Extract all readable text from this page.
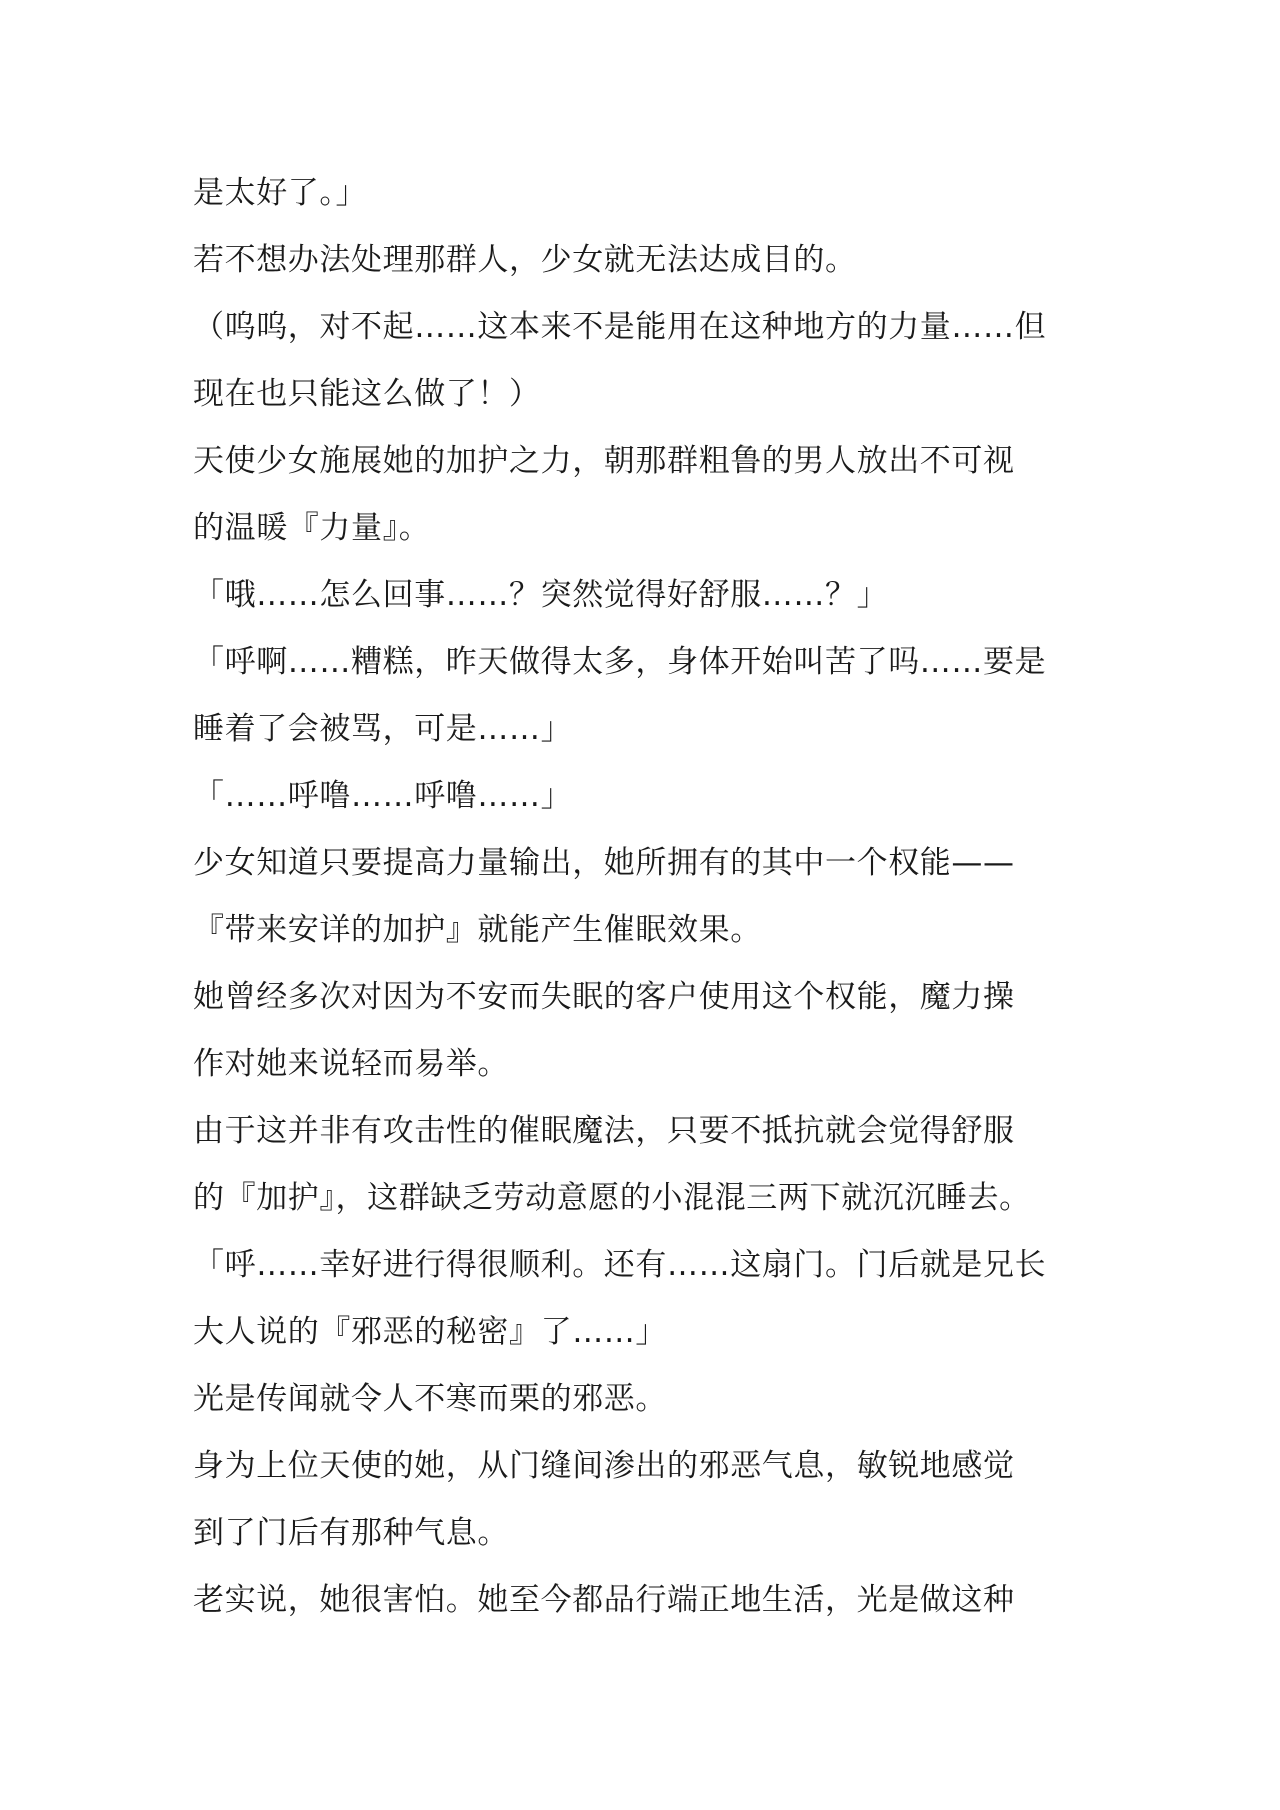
是太好了。」
若不想办法处理那群人，少女就无法达成目的。
（呜呜，对不起……这本来不是能用在这种地方的力量……但
现在也只能这么做了！）
天使少女施展她的加护之力，朝那群粗鲁的男人放出不可视
的温暖『力量』。
「哦……怎么回事……？突然觉得好舒服……？」
「呼啊……糟糕，昨天做得太多，身体开始叫苦了吗……要是
睡着了会被骂，可是……」
「……呼噜……呼噜……」
少女知道只要提高力量输出，她所拥有的其中一个权能——
『带来安详的加护』就能产生催眠效果。
她曾经多次对因为不安而失眠的客户使用这个权能，魔力操
作对她来说轻而易举。
由于这并非有攻击性的催眠魔法，只要不抵抗就会觉得舒服
的『加护』，这群缺乏劳动意愿的小混混三两下就沉沉睡去。
「呼……幸好进行得很顺利。还有……这扇门。门后就是兄长
大人说的『邪恶的秘密』了……」
光是传闻就令人不寒而栗的邪恶。
身为上位天使的她，从门缝间渗出的邪恶气息，敏锐地感觉
到了门后有那种气息。
老实说，她很害怕。她至今都品行端正地生活，光是做这种
